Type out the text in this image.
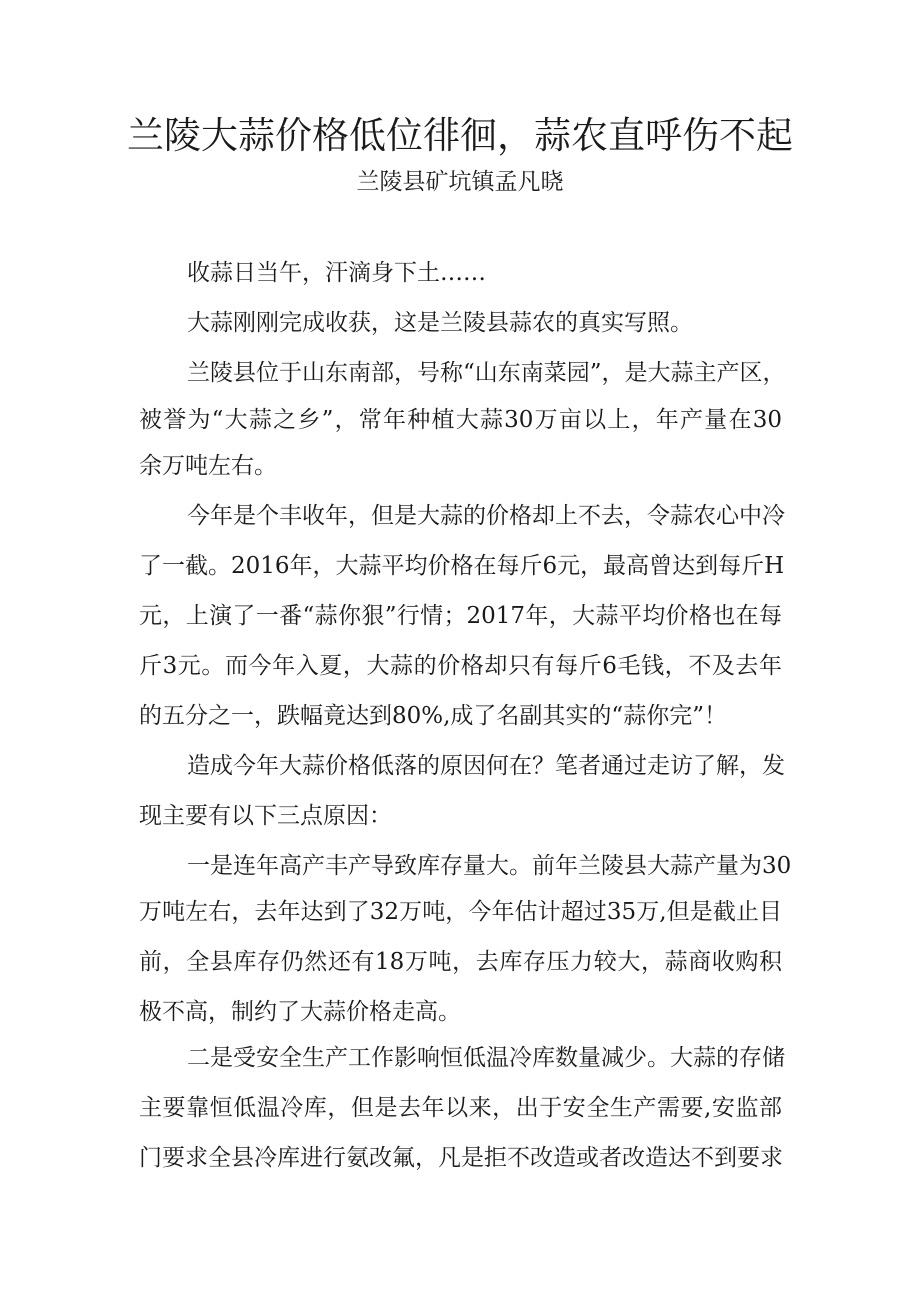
兰陵大蒜价格低位徘徊，蒜农直呼伤不起
兰陵县矿坑镇孟凡晓
收蒜日当午，汗滴身下土……
大蒜刚刚完成收获，这是兰陵县蒜农的真实写照。
兰陵县位于山东南部，号称“山东南菜园”，是大蒜主产区，
被誉为“大蒜之乡”，常年种植大蒜30万亩以上，年产量在30
余万吨左右。
今年是个丰收年，但是大蒜的价格却上不去，令蒜农心中冷
了一截。2016年，大蒜平均价格在每斤6元，最高曾达到每斤H
元，上演了一番“蒜你狠”行情；2017年，大蒜平均价格也在每
斤3元。而今年入夏，大蒜的价格却只有每斤6毛钱，不及去年
的五分之一，跌幅竟达到80%,成了名副其实的“蒜你完”！
造成今年大蒜价格低落的原因何在？笔者通过走访了解，发
现主要有以下三点原因：
一是连年高产丰产导致库存量大。前年兰陵县大蒜产量为30
万吨左右，去年达到了32万吨，今年估计超过35万,但是截止目
前，全县库存仍然还有18万吨，去库存压力较大，蒜商收购积
极不高，制约了大蒜价格走高。
二是受安全生产工作影响恒低温冷库数量减少。大蒜的存储
主要靠恒低温冷库，但是去年以来，出于安全生产需要,安监部
门要求全县冷库进行氨改氟，凡是拒不改造或者改造达不到要求
